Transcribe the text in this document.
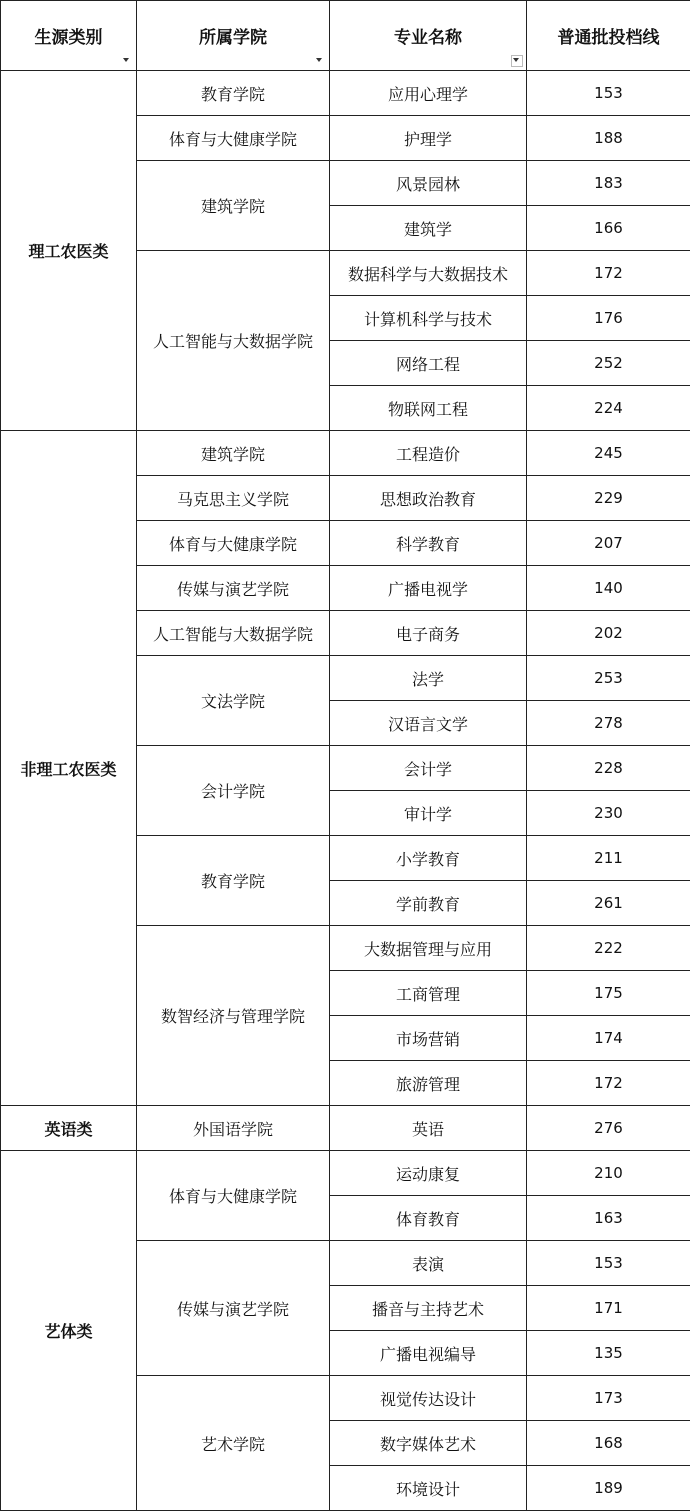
生源类别	所属学院	专业名称	普通批投档线
理工农医类	教育学院	应用心理学	153
	体育与大健康学院	护理学	188
	建筑学院	风景园林	183
		建筑学	166
	人工智能与大数据学院	数据科学与大数据技术	172
		计算机科学与技术	176
		网络工程	252
		物联网工程	224
非理工农医类	建筑学院	工程造价	245
	马克思主义学院	思想政治教育	229
	体育与大健康学院	科学教育	207
	传媒与演艺学院	广播电视学	140
	人工智能与大数据学院	电子商务	202
	文法学院	法学	253
		汉语言文学	278
	会计学院	会计学	228
		审计学	230
	教育学院	小学教育	211
		学前教育	261
	数智经济与管理学院	大数据管理与应用	222
		工商管理	175
		市场营销	174
		旅游管理	172
英语类	外国语学院	英语	276
艺体类	体育与大健康学院	运动康复	210
		体育教育	163
	传媒与演艺学院	表演	153
		播音与主持艺术	171
		广播电视编导	135
	艺术学院	视觉传达设计	173
		数字媒体艺术	168
		环境设计	189
